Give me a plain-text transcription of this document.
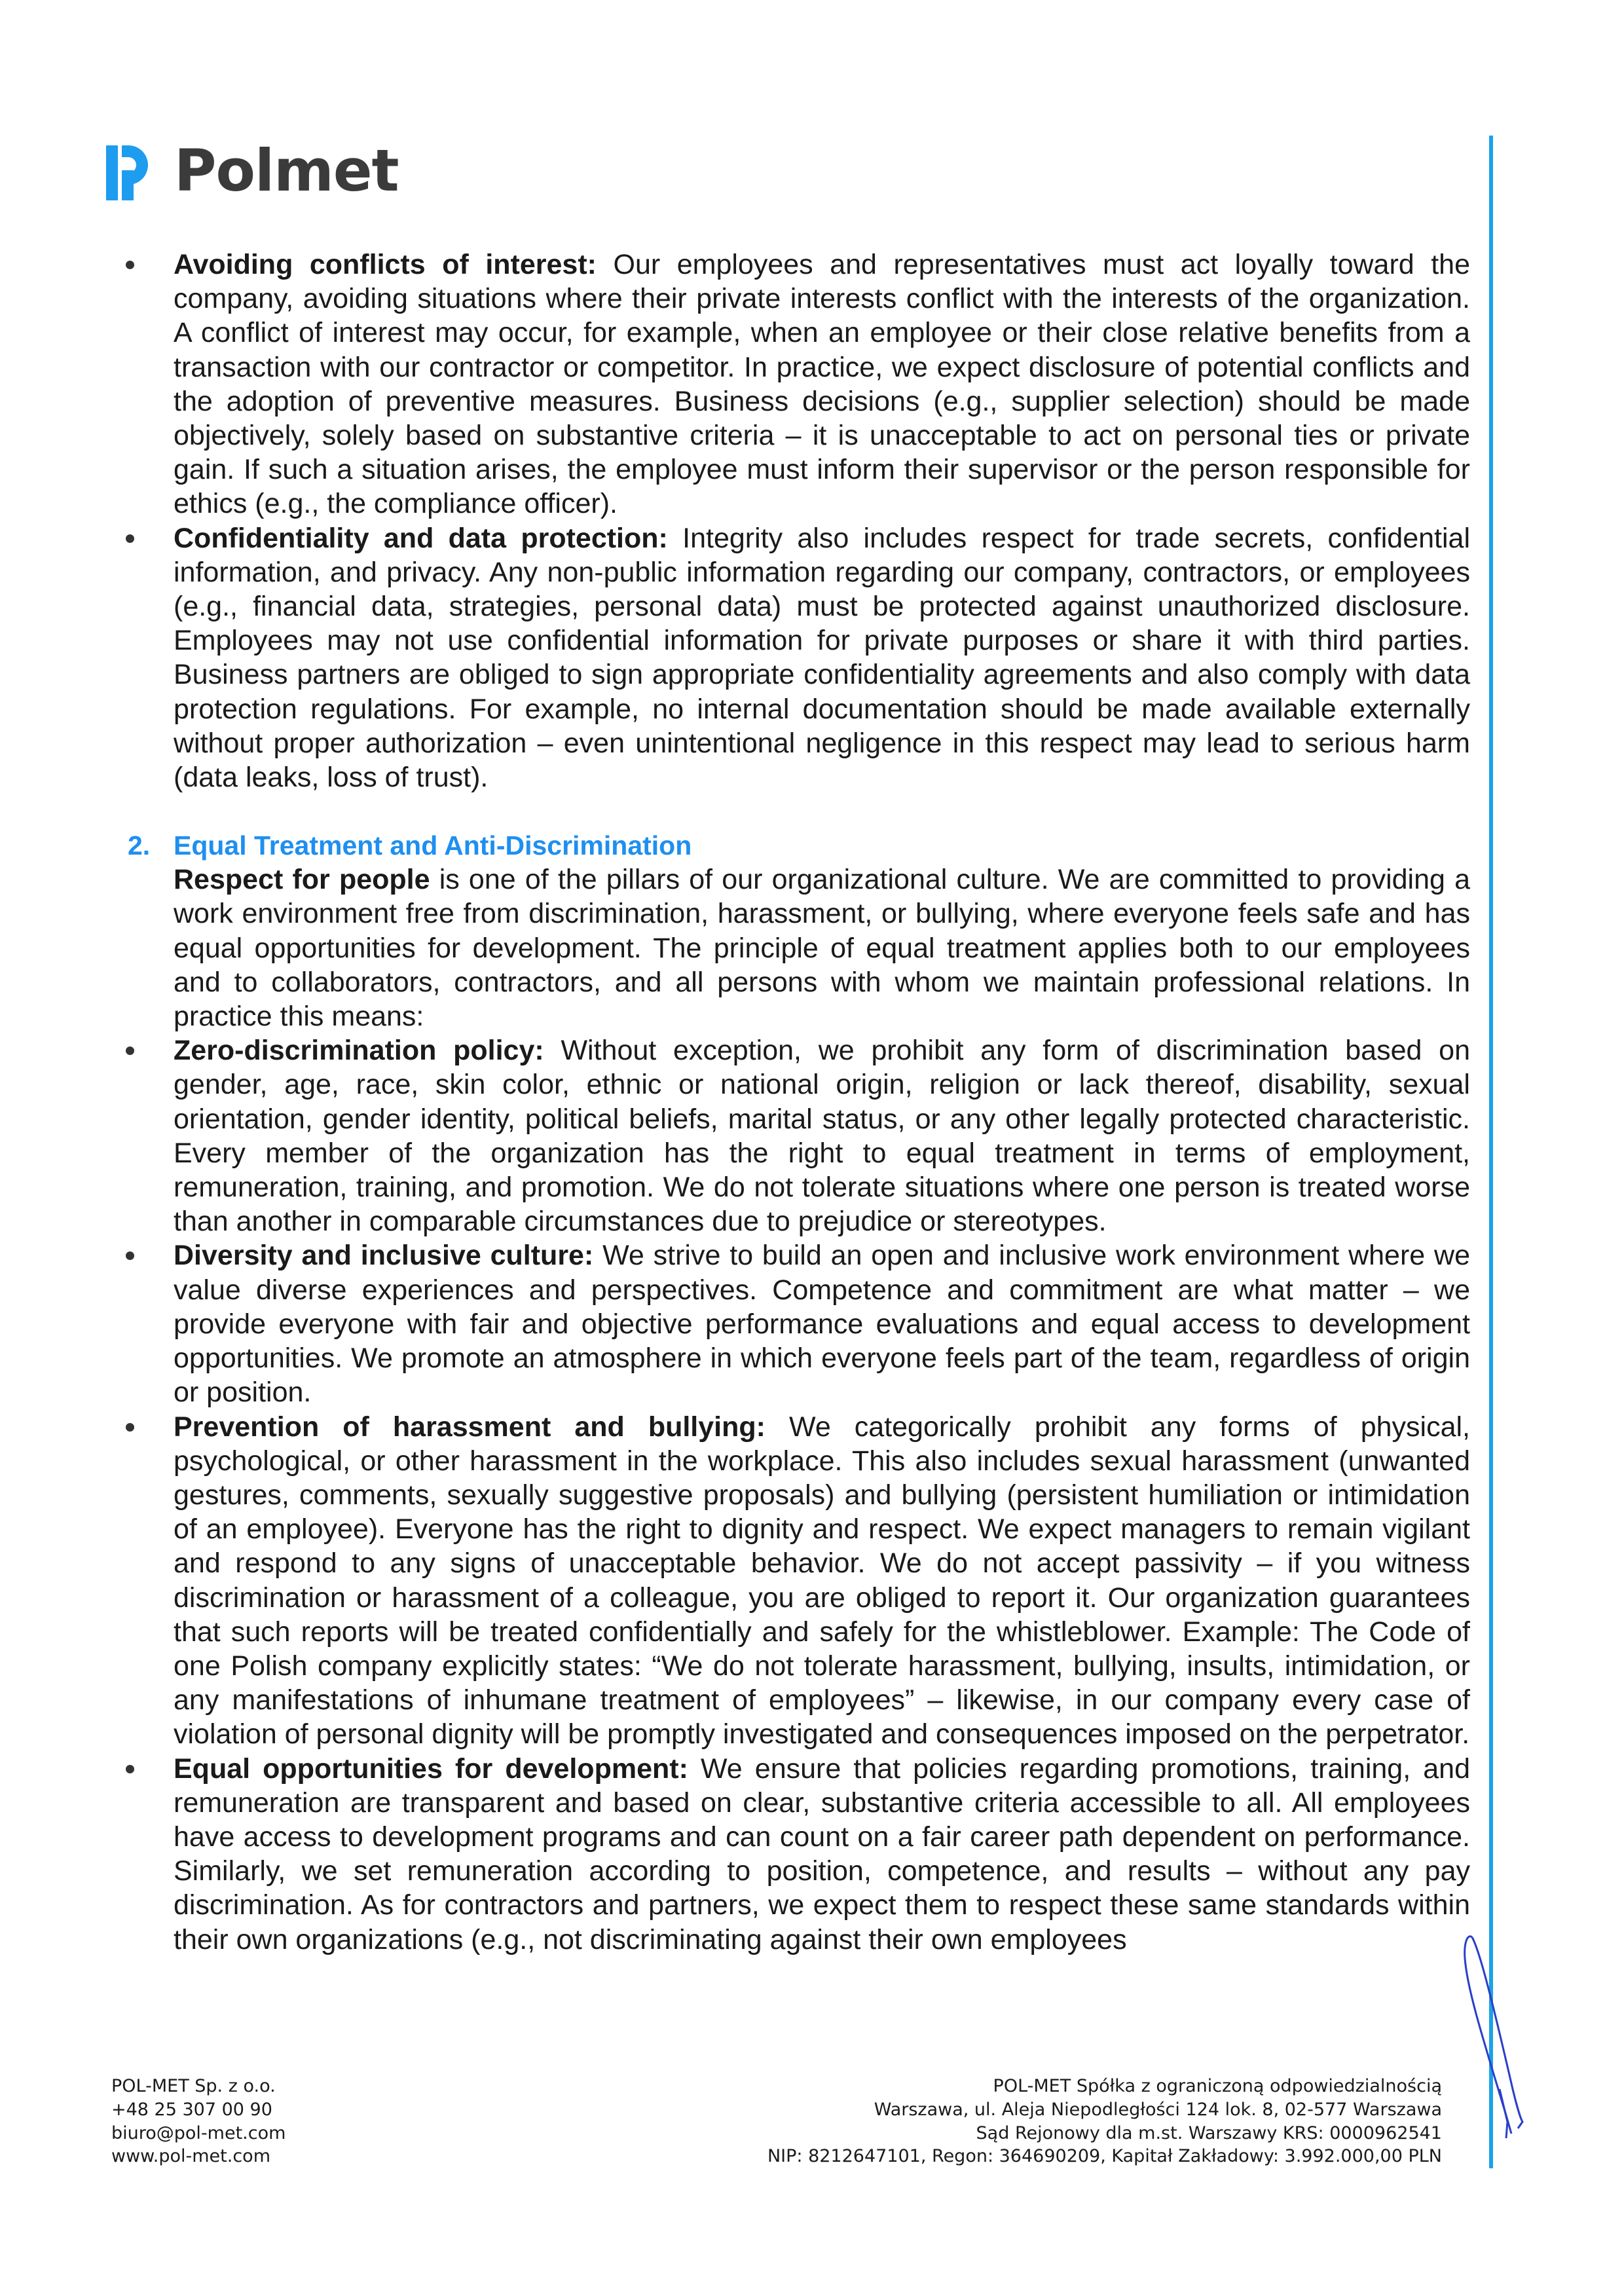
Polmet

Avoiding conflicts of interest: Our employees and representatives must act loyally toward the company, avoiding situations where their private interests conflict with the interests of the organization. A conflict of interest may occur, for example, when an employee or their close relative benefits from a transaction with our contractor or competitor. In practice, we expect disclosure of potential conflicts and the adoption of preventive measures. Business decisions (e.g., supplier selection) should be made objectively, solely based on substantive criteria – it is unacceptable to act on personal ties or private gain. If such a situation arises, the employee must inform their supervisor or the person responsible for ethics (e.g., the compliance officer).

Confidentiality and data protection: Integrity also includes respect for trade secrets, confidential information, and privacy. Any non-public information regarding our company, contractors, or employees (e.g., financial data, strategies, personal data) must be protected against unauthorized disclosure. Employees may not use confidential information for private purposes or share it with third parties. Business partners are obliged to sign appropriate confidentiality agreements and also comply with data protection regulations. For example, no internal documentation should be made available externally without proper authorization – even unintentional negligence in this respect may lead to serious harm (data leaks, loss of trust).

2. Equal Treatment and Anti-Discrimination

Respect for people is one of the pillars of our organizational culture. We are committed to providing a work environment free from discrimination, harassment, or bullying, where everyone feels safe and has equal opportunities for development. The principle of equal treatment applies both to our employees and to collaborators, contractors, and all persons with whom we maintain professional relations. In practice this means:

Zero-discrimination policy: Without exception, we prohibit any form of discrimination based on gender, age, race, skin color, ethnic or national origin, religion or lack thereof, disability, sexual orientation, gender identity, political beliefs, marital status, or any other legally protected characteristic. Every member of the organization has the right to equal treatment in terms of employment, remuneration, training, and promotion. We do not tolerate situations where one person is treated worse than another in comparable circumstances due to prejudice or stereotypes.

Diversity and inclusive culture: We strive to build an open and inclusive work environment where we value diverse experiences and perspectives. Competence and commitment are what matter – we provide everyone with fair and objective performance evaluations and equal access to development opportunities. We promote an atmosphere in which everyone feels part of the team, regardless of origin or position.

Prevention of harassment and bullying: We categorically prohibit any forms of physical, psychological, or other harassment in the workplace. This also includes sexual harassment (unwanted gestures, comments, sexually suggestive proposals) and bullying (persistent humiliation or intimidation of an employee). Everyone has the right to dignity and respect. We expect managers to remain vigilant and respond to any signs of unacceptable behavior. We do not accept passivity – if you witness discrimination or harassment of a colleague, you are obliged to report it. Our organization guarantees that such reports will be treated confidentially and safely for the whistleblower. Example: The Code of one Polish company explicitly states: “We do not tolerate harassment, bullying, insults, intimidation, or any manifestations of inhumane treatment of employees” – likewise, in our company every case of violation of personal dignity will be promptly investigated and consequences imposed on the perpetrator.

Equal opportunities for development: We ensure that policies regarding promotions, training, and remuneration are transparent and based on clear, substantive criteria accessible to all. All employees have access to development programs and can count on a fair career path dependent on performance. Similarly, we set remuneration according to position, competence, and results – without any pay discrimination. As for contractors and partners, we expect them to respect these same standards within their own organizations (e.g., not discriminating against their own employees

POL-MET Sp. z o.o.
+48 25 307 00 90
biuro@pol-met.com
www.pol-met.com
POL-MET Spółka z ograniczoną odpowiedzialnością
Warszawa, ul. Aleja Niepodległości 124 lok. 8, 02-577 Warszawa
Sąd Rejonowy dla m.st. Warszawy KRS: 0000962541
NIP: 8212647101, Regon: 364690209, Kapitał Zakładowy: 3.992.000,00 PLN
